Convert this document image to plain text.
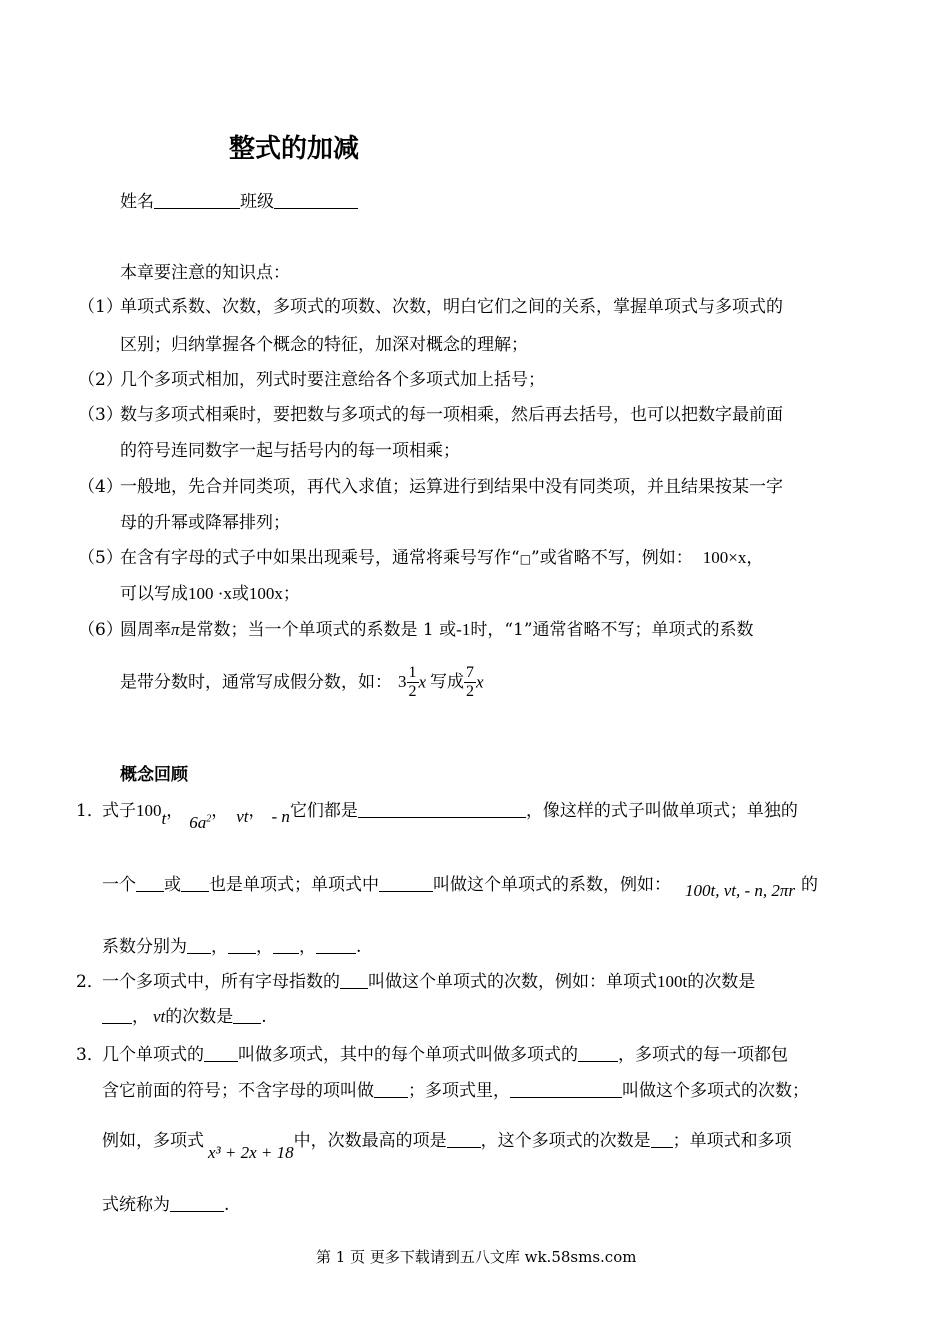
整式的加减
姓名	班级
本章要注意的知识点：
（1）
单项式系数、次数，多项式的项数、次数，明白它们之间的关系，掌握单项式与多项式的
区别；归纳掌握各个概念的特征，加深对概念的理解；
（2）
几个多项式相加，列式时要注意给各个多项式加上括号；
（3）
数与多项式相乘时，要把数与多项式的每一项相乘，然后再去括号，也可以把数字最前面
的符号连同数字一起与括号内的每一项相乘；
（4）
一般地，先合并同类项，再代入求值；运算进行到结果中没有同类项，并且结果按某一字
母的升幂或降幂排列；
（5）
在含有字母的式子中如果出现乘号，通常将乘号写作“□”或省略不写，例如： 100×x，
可以写成100 ·x或100x；
（6）
圆周率π是常数；当一个单项式的系数是 1 或-1时，“1”通常省略不写；单项式的系数
是带分数时，通常写成假分数，如： $3 \frac{1}{2}$ x 写成 $\frac{7}{2}$ x
概念回顾
1．
式子100t，$6a^2$， vt， - n它们都是	，像这样的式子叫做单项式；单独的
一个 或 也是单项式；单项式中	叫做这个单项式的系数，例如： 100t, vt, - n, 2πr 的
系数分别为 ， ， ， .
2．
一个多项式中，所有字母指数的 叫做这个单项式的次数，例如：单项式100t的次数是
， vt的次数是 .
3．
几个单项式的 叫做多项式，其中的每个单项式叫做多项式的 ，多项式的每一项都包
含它前面的符号；不含字母的项叫做 ；多项式里，	叫做这个多项式的次数；
例如，多项式x³ + 2x + 18中，次数最高的项是 ，这个多项式的次数是 ；单项式和多项
式统称为	.
第 1 页 更多下载请到五八文库 wk.58sms.com
